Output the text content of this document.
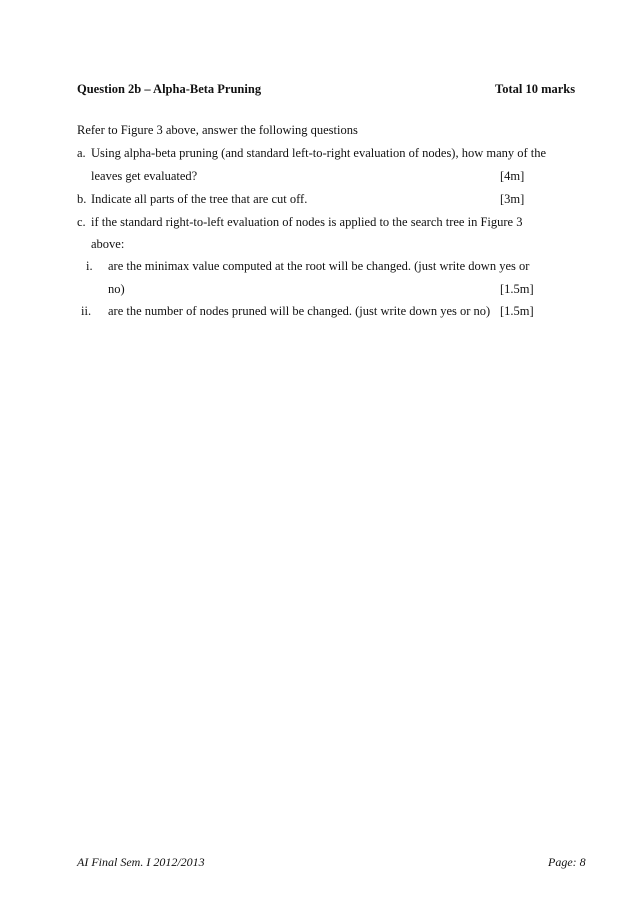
Question 2b – Alpha-Beta Pruning	Total 10 marks
Refer to Figure 3 above, answer the following questions
a. Using alpha-beta pruning (and standard left-to-right evaluation of nodes), how many of the
leaves get evaluated?	[4m]
b. Indicate all parts of the tree that are cut off.	[3m]
c. if the standard right-to-left evaluation of nodes is applied to the search tree in Figure 3
above:
i. are the minimax value computed at the root will be changed. (just write down yes or
no)	[1.5m]
ii. are the number of nodes pruned will be changed. (just write down yes or no) [1.5m]
AI Final Sem. I 2012/2013	Page: 8
